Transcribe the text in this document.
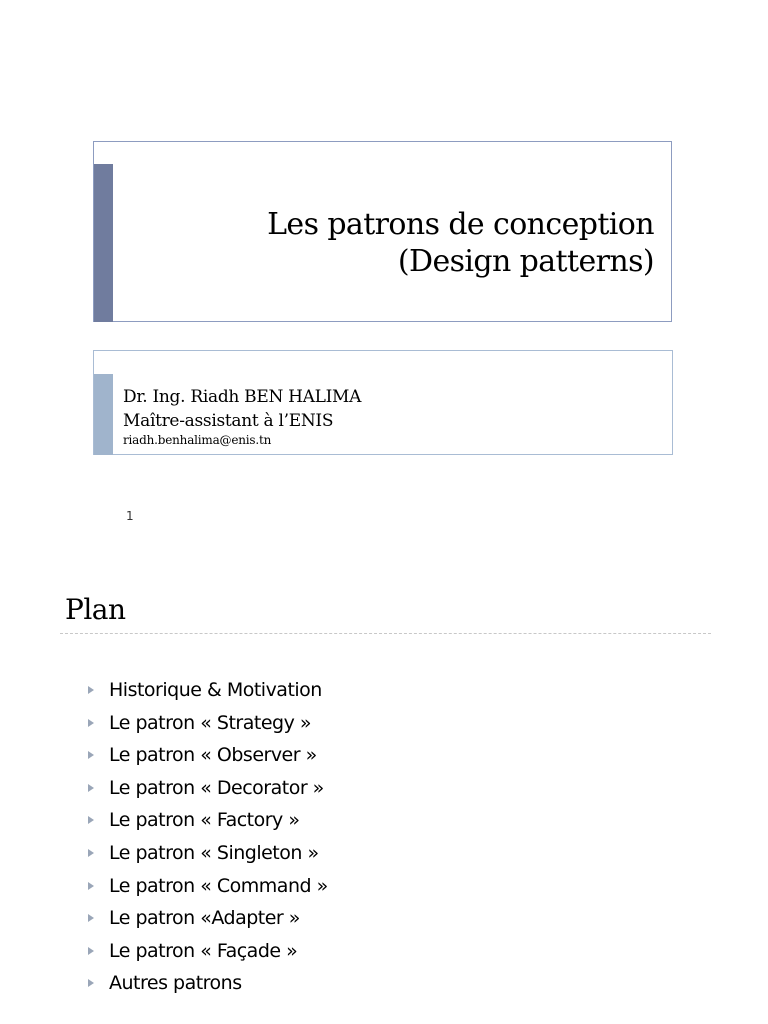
Les patrons de conception
(Design patterns)
Dr. Ing. Riadh BEN HALIMA
Maître-assistant à l’ENIS
riadh.benhalima@enis.tn
1
Plan
Historique & Motivation
Le patron « Strategy »
Le patron « Observer »
Le patron « Decorator »
Le patron « Factory »
Le patron « Singleton »
Le patron « Command »
Le patron «Adapter »
Le patron « Façade »
Autres patrons
